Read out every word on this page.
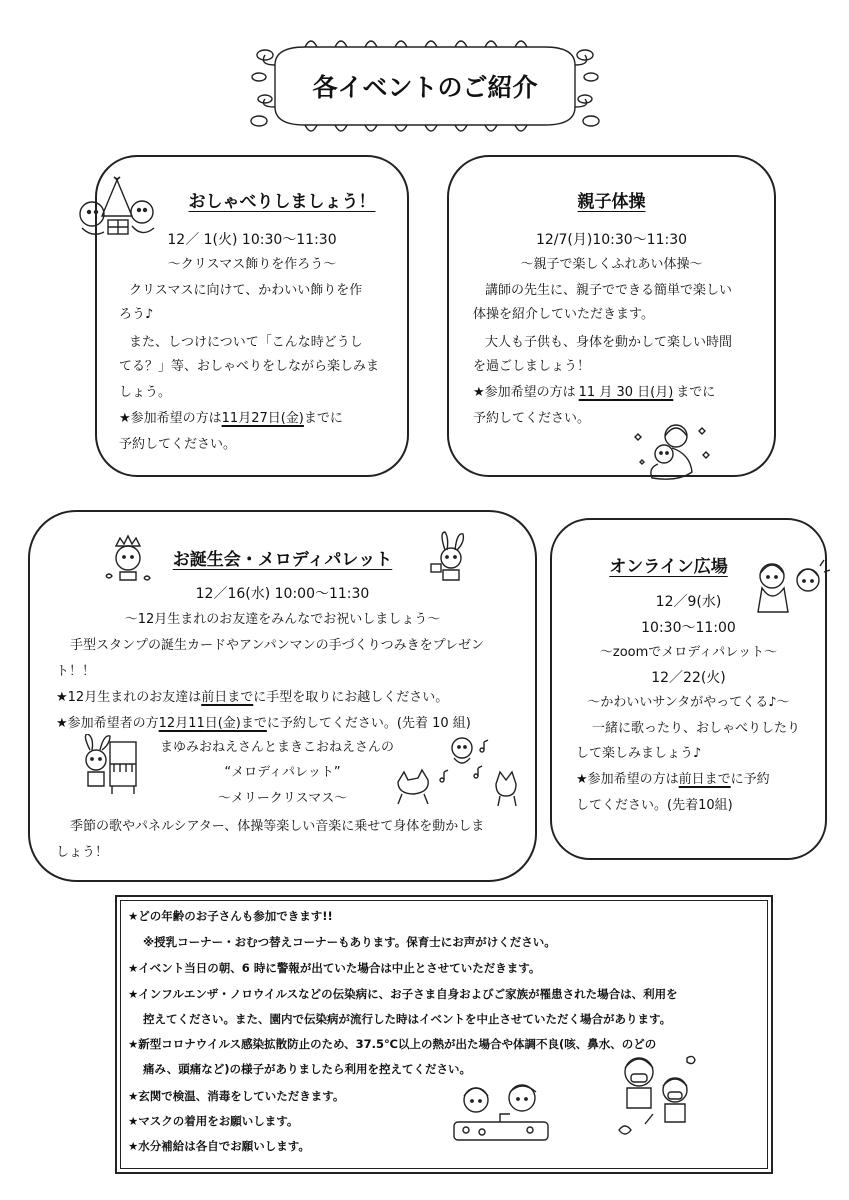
各イベントのご紹介
おしゃべりしましょう！
12／ 1(火) 10:30～11:30
～クリスマス飾りを作ろう～
クリスマスに向けて、かわいい飾りを作
ろう♪
また、しつけについて「こんな時どうし
てる？」等、おしゃべりをしながら楽しみま
しょう。
★参加希望の方は11月27日(金)までに
予約してください。
親子体操
12/7(月)10:30～11:30
～親子で楽しくふれあい体操～
講師の先生に、親子でできる簡単で楽しい
体操を紹介していただきます。
大人も子供も、身体を動かして楽しい時間
を過ごしましょう！
★参加希望の方は 11 月 30 日(月) までに
予約してください。
お誕生会・メロディパレット
12／16(水) 10:00～11:30
～12月生まれのお友達をみんなでお祝いしましょう～
手型スタンプの誕生カードやアンパンマンの手づくりつみきをプレゼン
ト！！
★12月生まれのお友達は前日までに手型を取りにお越しください。
★参加希望者の方12月11日(金)までに予約してください。(先着 10 組)
まゆみおねえさんとまきこおねえさんの
“メロディパレット”
～メリークリスマス～
季節の歌やパネルシアター、体操等楽しい音楽に乗せて身体を動かしま
しょう！
オンライン広場
12／9(水)
10:30～11:00
～zoomでメロディパレット～
12／22(火)
～かわいいサンタがやってくる♪～
一緒に歌ったり、おしゃべりしたり
して楽しみましょう♪
★参加希望の方は前日までに予約
してください。(先着10組)
★どの年齢のお子さんも参加できます!!
※授乳コーナー・おむつ替えコーナーもあります。保育士にお声がけください。
★イベント当日の朝、6 時に警報が出ていた場合は中止とさせていただきます。
★インフルエンザ・ノロウイルスなどの伝染病に、お子さま自身およびご家族が罹患された場合は、利用を
控えてください。また、園内で伝染病が流行した時はイベントを中止させていただく場合があります。
★新型コロナウイルス感染拡散防止のため、37.5℃以上の熱が出た場合や体調不良(咳、鼻水、のどの
痛み、頭痛など)の様子がありましたら利用を控えてください。
★玄関で検温、消毒をしていただきます。
★マスクの着用をお願いします。
★水分補給は各自でお願いします。
